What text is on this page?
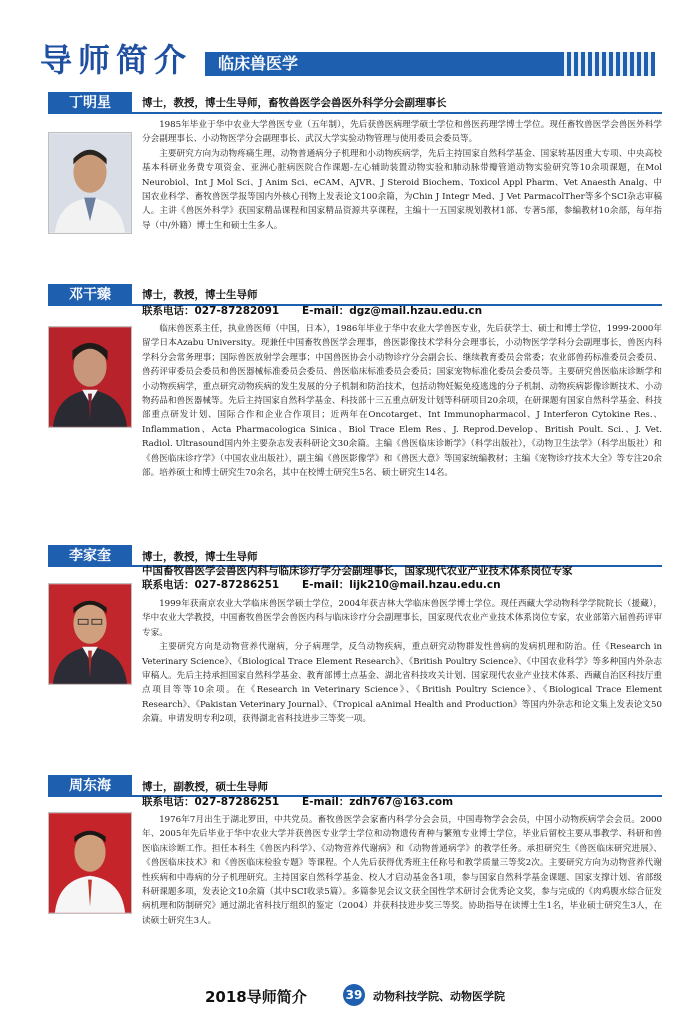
导师简介 临床兽医学
丁明星	博士，教授，博士生导师，畜牧兽医学会兽医外科学分会副理事长

1985年毕业于华中农业大学兽医专业（五年制），先后获兽医病理学硕士学位和兽医药理学博士学位。现任畜牧兽医学会兽医外科学分会副理事长、小动物医学分会副理事长、武汉大学实验动物管理与使用委员会委员等。

主要研究方向为动物疼痛生理、动物普通病分子机理和小动物疾病学，先后主持国家自然科学基金、国家转基因重大专项、中央高校基本科研业务费专项资金、亚洲心脏病医院合作课题-左心辅助装置动物实验和肺动脉带瓣管道动物实验研究等10余项课题，在Mol Neurobiol、Int J Mol Sci、J Anim Sci、eCAM、AJVR、J Steroid Biochem、Toxicol Appl Pharm、Vet Anaesth Analg、中国农业科学、畜牧兽医学报等国内外核心刊物上发表论文100余篇，为Chin J Integr Med、J Vet ParmacolTher等多个SCI杂志审稿人。主讲《兽医外科学》获国家精品课程和国家精品资源共享课程，主编十一五国家规划教材1部、专著5部，参编教材10余部，每年指导（中/外籍）博士生和硕士生多人。

邓干臻	博士，教授，博士生导师
联系电话：027-87282091 E-mail：dgz@mail.hzau.edu.cn

临床兽医系主任，执业兽医师（中国，日本），1986年毕业于华中农业大学兽医专业，先后获学士、硕士和博士学位，1999-2000年留学日本Azabu University。现兼任中国畜牧兽医学会理事，兽医影像技术学科分会理事长，小动物医学学科分会副理事长，兽医内科学科分会常务理事；国际兽医放射学会理事；中国兽医协会小动物诊疗分会副会长、继续教育委员会常委；农业部兽药标准委员会委员、兽药评审委员会委员和兽医器械标准委员会委员、兽医临床标准委员会委员；国家宠物标准化委员会委员等。主要研究兽医临床诊断学和小动物疾病学，重点研究动物疾病的发生发展的分子机制和防治技术，包括动物妊娠免疫逃逸的分子机制、动物疾病影像诊断技术、小动物药品和兽医器械等。先后主持国家自然科学基金、科技部十三五重点研发计划等科研项目20余项，在研课题有国家自然科学基金、科技部重点研发计划、国际合作和企业合作项目；近两年在Oncotarget、Int Immunopharmacol、J Interferon Cytokine Res.、Inflammation、Acta Pharmacologica Sinica、Biol Trace Elem Res、J. Reprod.Develop、British Poult. Sci.、J. Vet. Radiol. Ultrasound国内外主要杂志发表科研论文30余篇。主编《兽医临床诊断学》（科学出版社），《动物卫生法学》（科学出版社）和《兽医临床诊疗学》（中国农业出版社），副主编《兽医影像学》和《兽医大意》等国家统编教材；主编《宠物诊疗技术大全》等专注20余部。培养硕士和博士研究生70余名，其中在校博士研究生5名、硕士研究生14名。

李家奎	博士，教授，博士生导师
中国畜牧兽医学会兽医内科与临床诊疗学分会副理事长，国家现代农业产业技术体系岗位专家
联系电话：027-87286251 E-mail：lijk210@mail.hzau.edu.cn

1999年获南京农业大学临床兽医学硕士学位，2004年获吉林大学临床兽医学博士学位。现任西藏大学动物科学学院院长（援藏），华中农业大学教授，中国畜牧兽医学会兽医内科与临床诊疗分会副理事长，国家现代农业产业技术体系岗位专家，农业部第六届兽药评审专家。

主要研究方向是动物营养代谢病，分子病理学，反刍动物疾病，重点研究动物群发性兽病的发病机理和防治。任《Research in Veterinary Science》、《Biological Trace Element Research》、《British Poultry Science》、《中国农业科学》等多种国内外杂志审稿人。先后主持承担国家自然科学基金、教育部博士点基金、湖北省科技攻关计划、国家现代农业产业技术体系、西藏自治区科技厅重点项目等等10余项。在《Research in Veterinary Science》、《British Poultry Science》、《Biological Trace Element Research》、《Pakistan Veterinary Journal》、《Tropical aAnimal Health and Production》等国内外杂志和论文集上发表论文50余篇。申请发明专利2项，获得湖北省科技进步三等奖一项。

周东海	博士，副教授，硕士生导师
联系电话：027-87286251 E-mail：zdh767@163.com

1976年7月出生于湖北罗田，中共党员。畜牧兽医学会家畜内科学分会会员，中国毒物学会会员，中国小动物疾病学会会员。2000年、2005年先后毕业于华中农业大学并获兽医专业学士学位和动物遗传育种与繁殖专业博士学位，毕业后留校主要从事教学、科研和兽医临床诊断工作。担任本科生《兽医内科学》、《动物营养代谢病》和《动物普通病学》的教学任务。承担研究生《兽医临床研究进展》、《兽医临床技术》和《兽医临床检验专题》等课程。个人先后获得优秀班主任称号和教学质量三等奖2次。主要研究方向为动物营养代谢性疾病和中毒病的分子机理研究。主持国家自然科学基金、校人才启动基金各1项，参与国家自然科学基金课题、国家支撑计划、省部级科研课题多项，发表论文10余篇（其中SCI收录5篇）。多篇参见会议文获全国性学术研讨会优秀论文奖，参与完成的《肉鸡腹水综合征发病机理和防制研究》通过湖北省科技厅组织的鉴定（2004）并获科技进步奖三等奖。协助指导在读博士生1名，毕业硕士研究生3人，在读硕士研究生3人。

2018导师简介	39 动物科技学院、动物医学院
